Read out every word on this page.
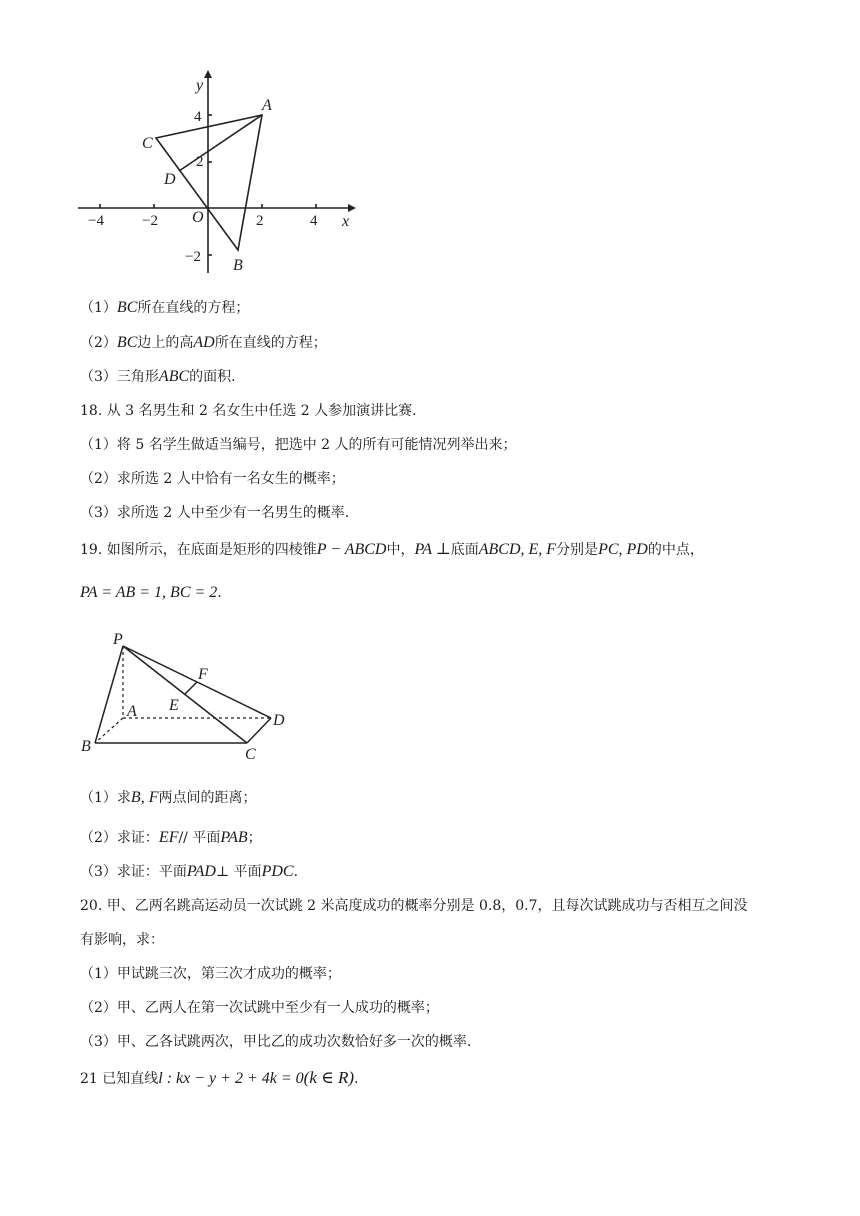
y
x
O
A
B
C
D
−4	−2	2	4
4
2
−2
（1）BC所在直线的方程；
（2）BC边上的高AD所在直线的方程；
（3）三角形ABC的面积.
18. 从 3 名男生和 2 名女生中任选 2 人参加演讲比赛.
（1）将 5 名学生做适当编号，把选中 2 人的所有可能情况列举出来；
（2）求所选 2 人中恰有一名女生的概率；
（3）求所选 2 人中至少有一名男生的概率.
19. 如图所示，在底面是矩形的四棱锥P − ABCD中，PA ⊥底面ABCD, E, F分别是PC, PD的中点，
PA = AB = 1, BC = 2.
P
A
B	C
D
E
F
（1）求B, F两点间的距离；
（2）求证：EF// 平面PAB；
（3）求证：平面PAD⊥ 平面PDC.
20. 甲、乙两名跳高运动员一次试跳 2 米高度成功的概率分别是 0.8，0.7，且每次试跳成功与否相互之间没
有影响，求：
（1）甲试跳三次，第三次才成功的概率；
（2）甲、乙两人在第一次试跳中至少有一人成功的概率；
（3）甲、乙各试跳两次，甲比乙的成功次数恰好多一次的概率.
21 已知直线l : kx − y + 2 + 4k = 0(k ∈ R).
